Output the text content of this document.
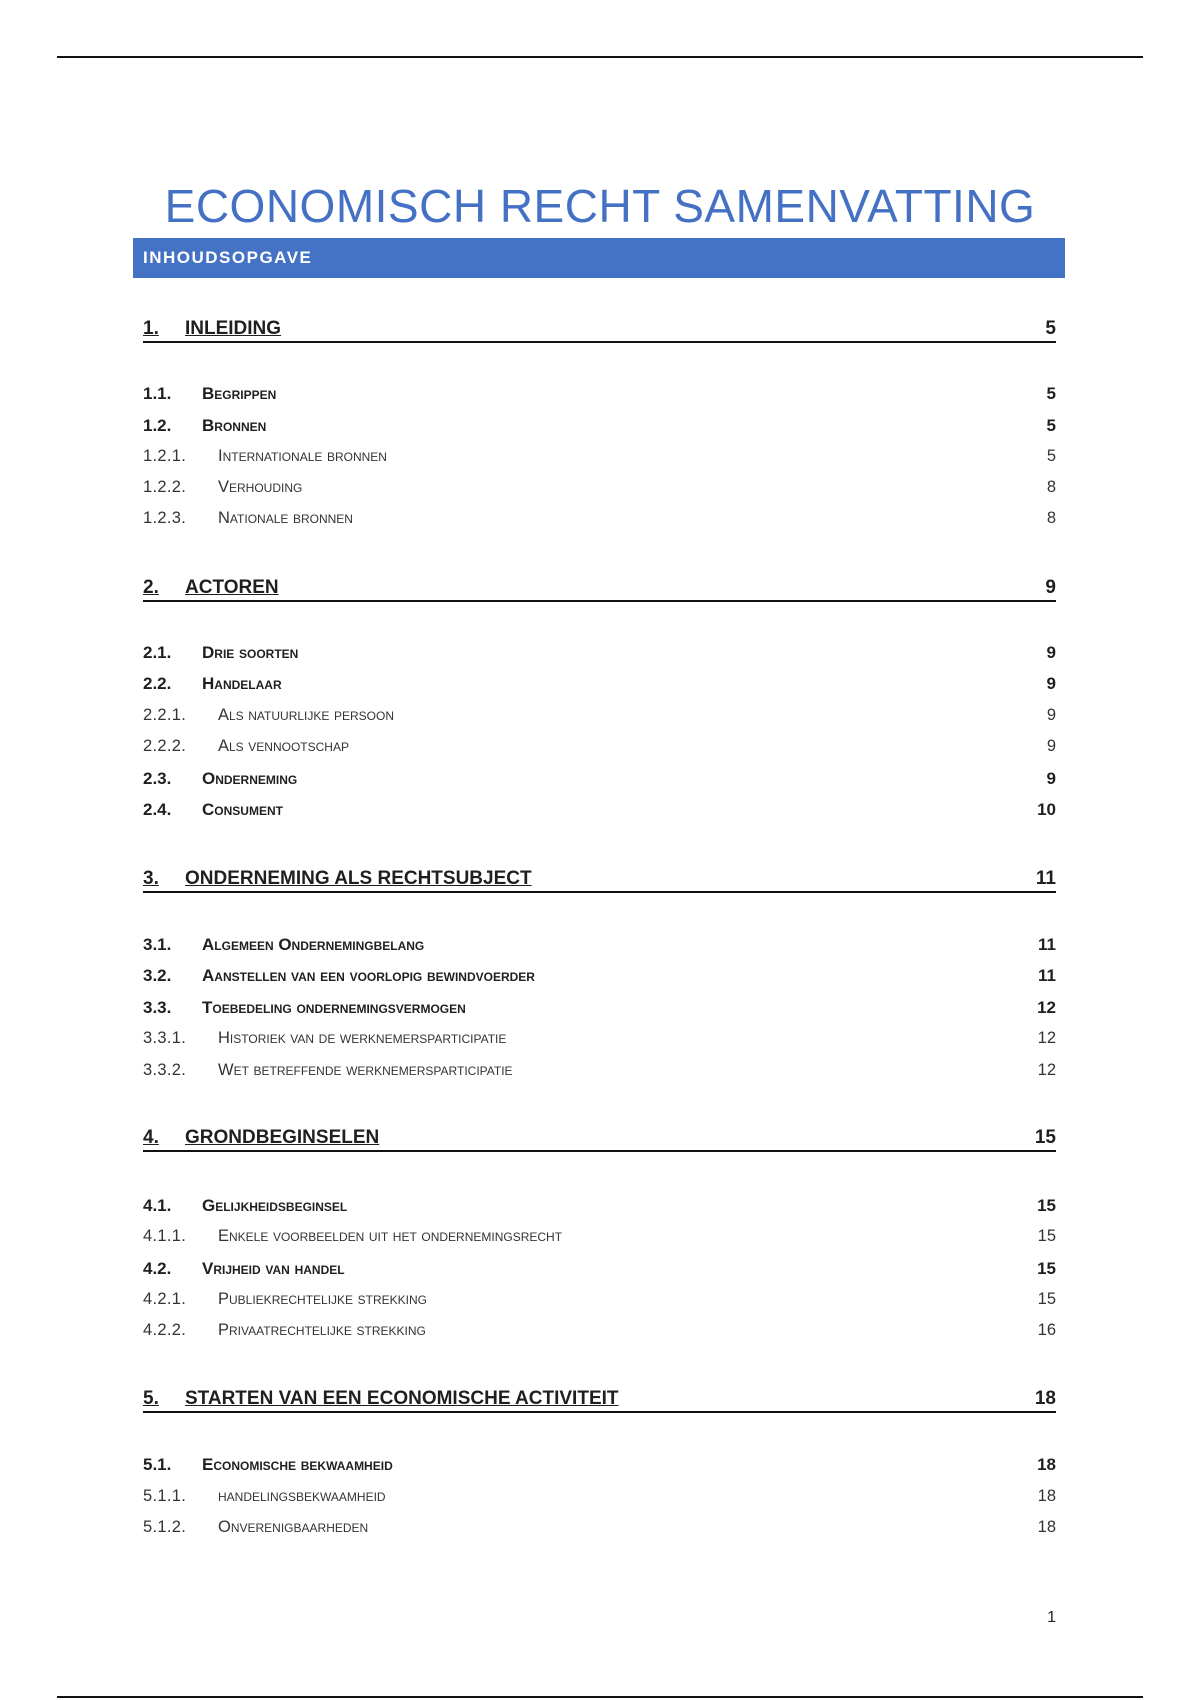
ECONOMISCH RECHT SAMENVATTING
INHOUDSOPGAVE
1.	INLEIDING	5
1.1.	Begrippen	5
1.2.	Bronnen	5
1.2.1.	Internationale bronnen	5
1.2.2.	Verhouding	8
1.2.3.	Nationale bronnen	8
2.	ACTOREN	9
2.1.	Drie soorten	9
2.2.	Handelaar	9
2.2.1.	Als natuurlijke persoon	9
2.2.2.	Als vennootschap	9
2.3.	Onderneming	9
2.4.	Consument	10
3.	ONDERNEMING ALS RECHTSUBJECT	11
3.1.	Algemeen Ondernemingbelang	11
3.2.	Aanstellen van een voorlopig bewindvoerder	11
3.3.	Toebedeling ondernemingsvermogen	12
3.3.1.	Historiek van de werknemersparticipatie	12
3.3.2.	Wet betreffende werknemersparticipatie	12
4.	GRONDBEGINSELEN	15
4.1.	Gelijkheidsbeginsel	15
4.1.1.	Enkele voorbeelden uit het ondernemingsrecht	15
4.2.	Vrijheid van handel	15
4.2.1.	Publiekrechtelijke strekking	15
4.2.2.	Privaatrechtelijke strekking	16
5.	STARTEN VAN EEN ECONOMISCHE ACTIVITEIT	18
5.1.	Economische bekwaamheid	18
5.1.1.	handelingsbekwaamheid	18
5.1.2.	Onverenigbaarheden	18
1
